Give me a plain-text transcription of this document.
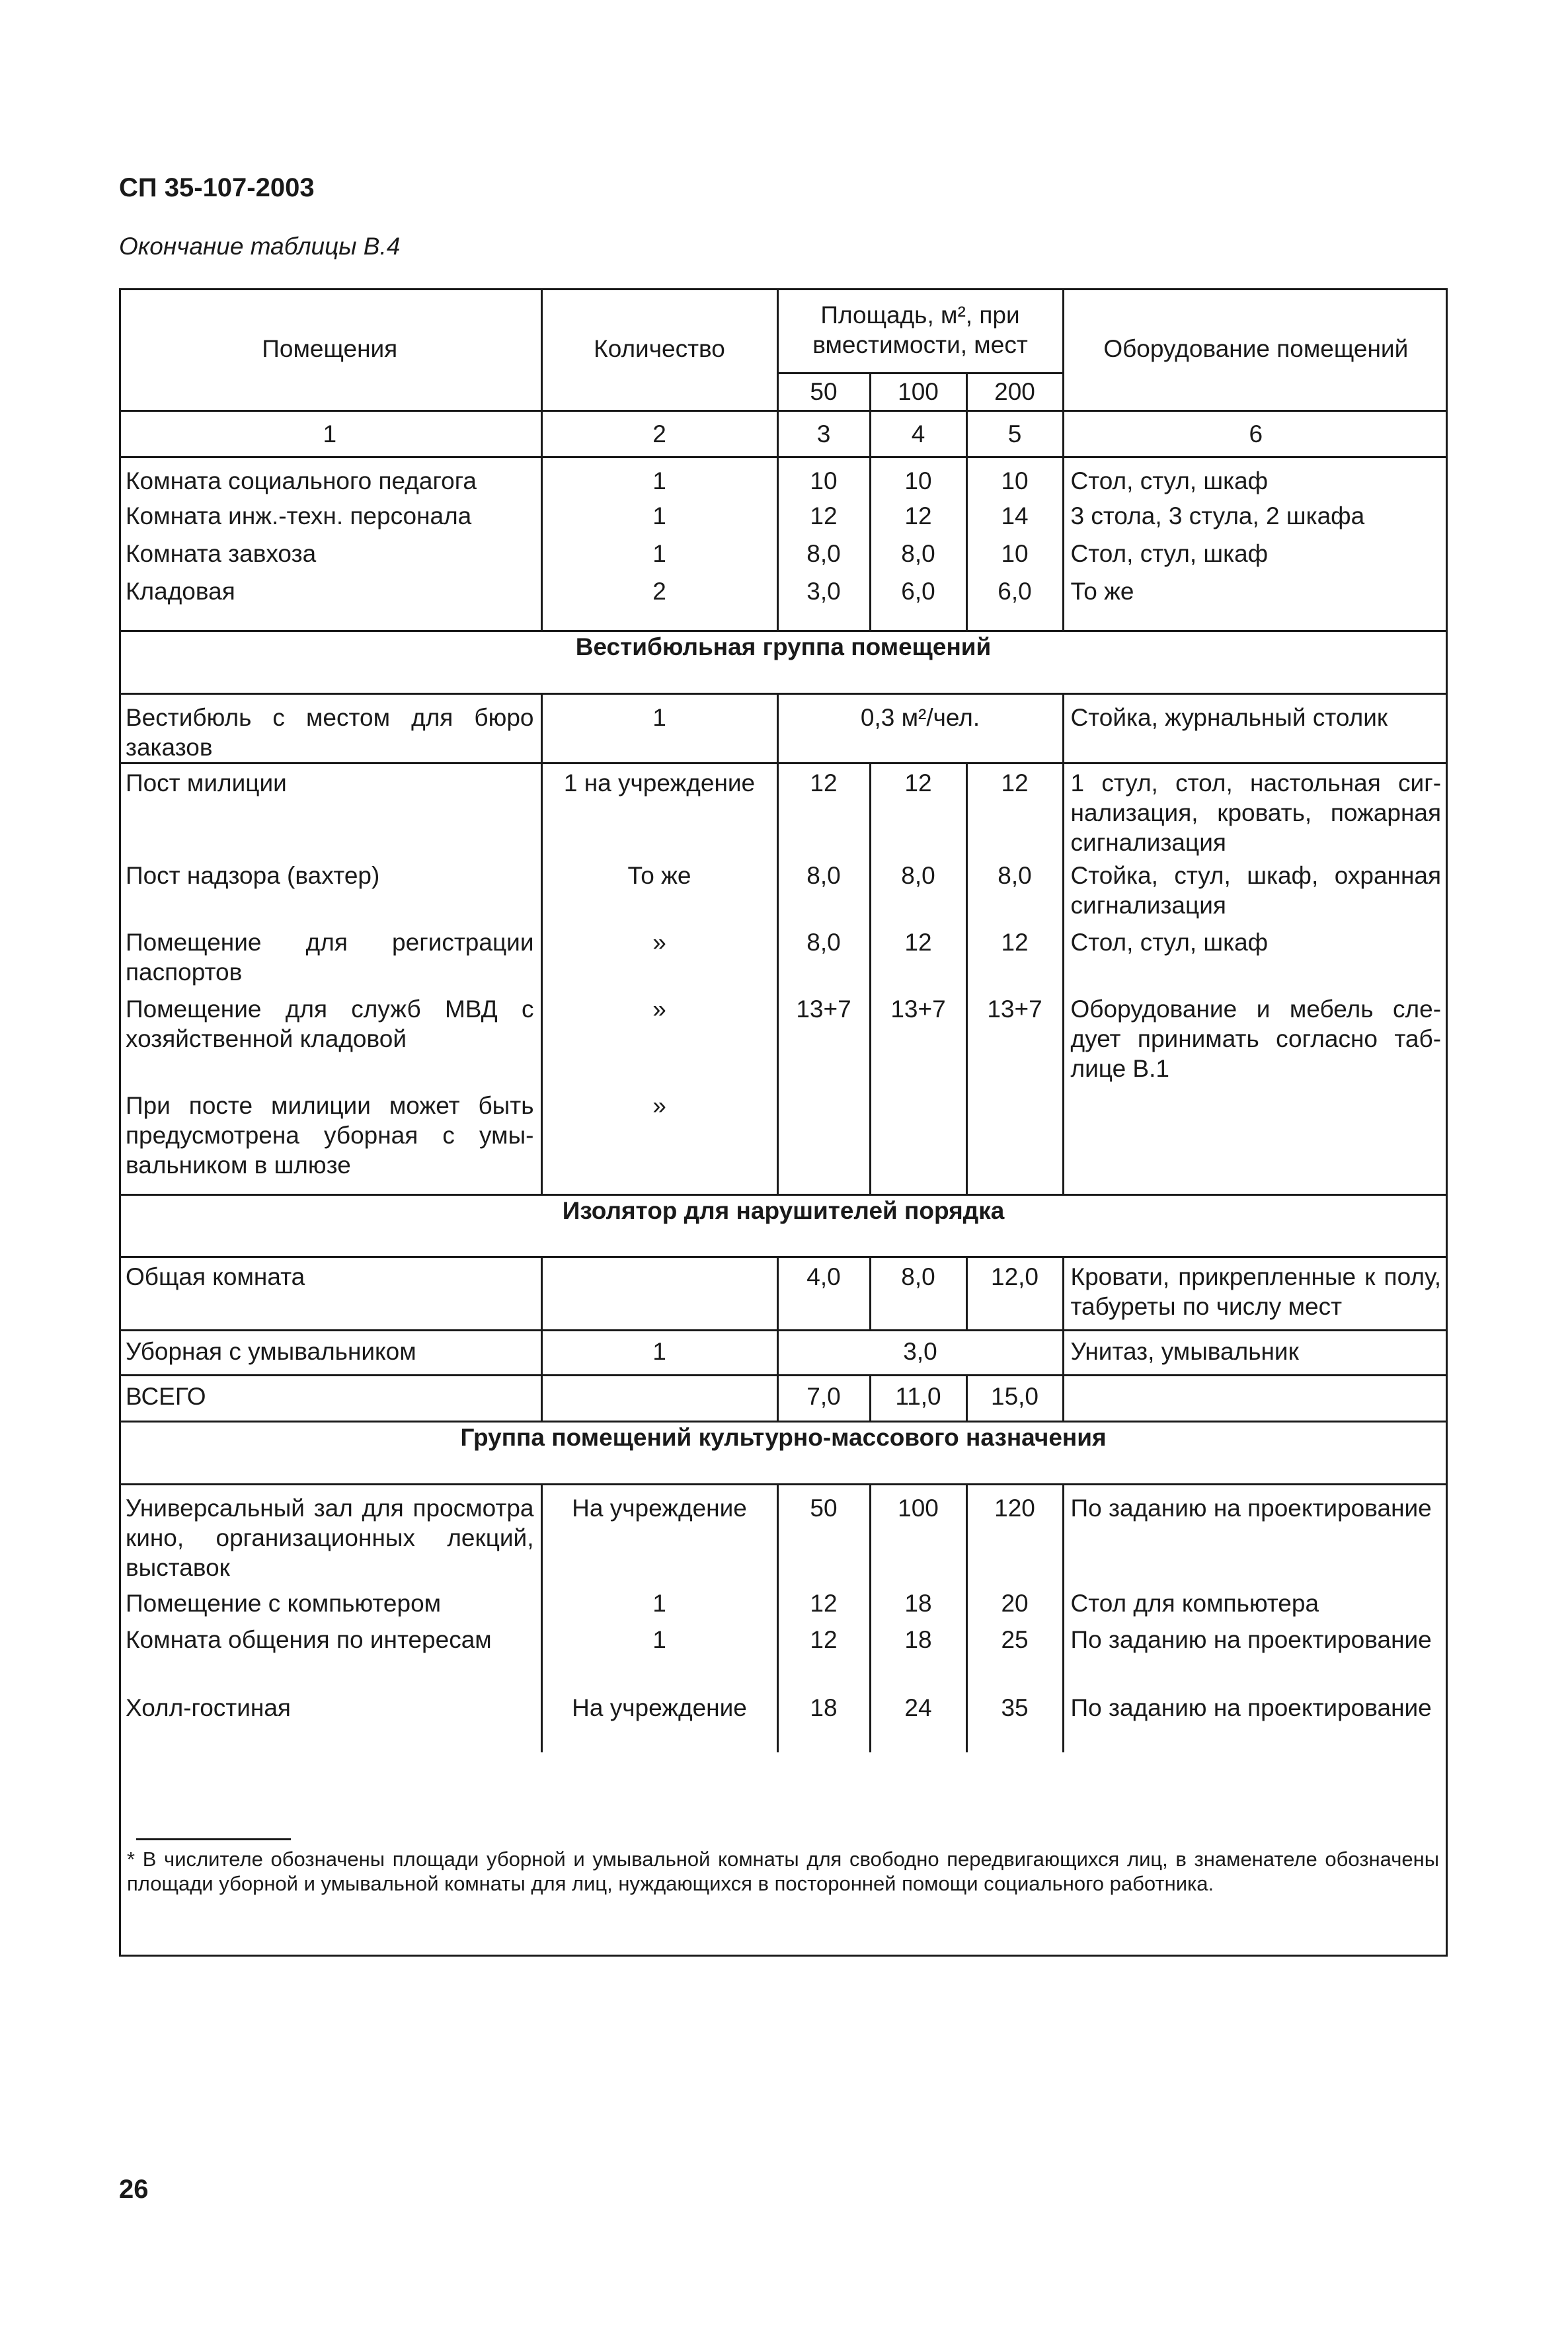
СП 35-107-2003
Окончание таблицы В.4
Помещения	Количество	Площадь, м², при вместимости, мест			Оборудование помещений
		50	100	200	
1	2	3	4	5	6
Комната социального педагога	1	10	10	10	Стол, стул, шкаф
Комната инж.-техн. персонала	1	12	12	14	3 стола, 3 стула, 2 шкафа
Комната завхоза	1	8,0	8,0	10	Стол, стул, шкаф
Кладовая	2	3,0	6,0	6,0	То же
Вестибюльная группа помещений					
Вестибюль с местом для бюро заказов	1	0,3 м²/чел.			Стойка, журнальный столик
Пост милиции	1 на учреждение	12	12	12	1 стул, стол, настольная сигнализация, кровать, пожарная сигнализация
Пост надзора (вахтер)	То же	8,0	8,0	8,0	Стойка, стул, шкаф, охранная сигнализация
Помещение для регистрации паспортов	»	8,0	12	12	Стол, стул, шкаф
Помещение для служб МВД с хозяйственной кладовой	»	13+7	13+7	13+7	Оборудование и мебель следует принимать согласно таблице В.1
При посте милиции может быть предусмотрена уборная с умывальником в шлюзе	»				
Изолятор для нарушителей порядка					
Общая комната		4,0	8,0	12,0	Кровати, прикрепленные к полу, табуреты по числу мест
Уборная с умывальником	1	3,0			Унитаз, умывальник
ВСЕГО		7,0	11,0	15,0	
Группа помещений культурно-массового назначения					
Универсальный зал для просмотра кино, организационных лекций, выставок	На учреждение	50	100	120	По заданию на проектирование
Помещение с компьютером	1	12	18	20	Стол для компьютера
Комната общения по интересам	1	12	18	25	По заданию на проектирование
Холл-гостиная	На учреждение	18	24	35	По заданию на проектирование
* В числителе обозначены площади уборной и умывальной комнаты для свободно передвигающихся лиц, в знаменателе обозначены площади уборной и умывальной комнаты для лиц, нуждающихся в посторонней помощи социального работника.
26
